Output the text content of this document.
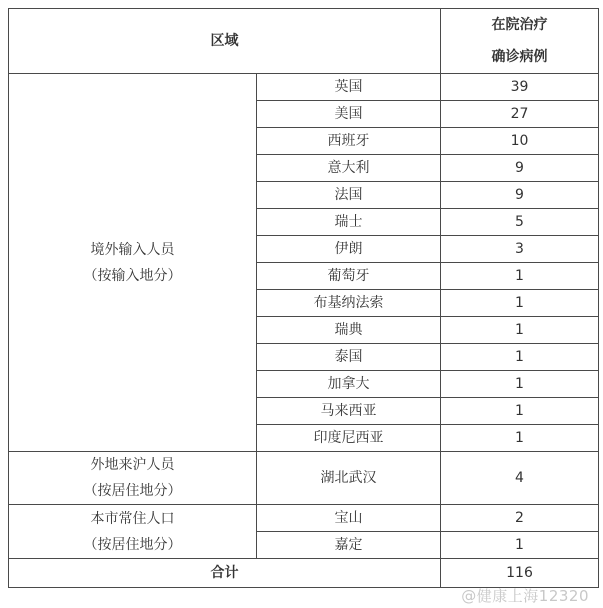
区域		在院治疗
确诊病例

境外输入人员
（按输入地分）	英国	39
	美国	27
	西班牙	10
	意大利	9
	法国	9
	瑞士	5
	伊朗	3
	葡萄牙	1
	布基纳法索	1
	瑞典	1
	泰国	1
	加拿大	1
	马来西亚	1
	印度尼西亚	1

外地来沪人员
（按居住地分）	湖北武汉	4

本市常住人口
（按居住地分）	宝山	2
	嘉定	1
合计		116
@健康上海12320
